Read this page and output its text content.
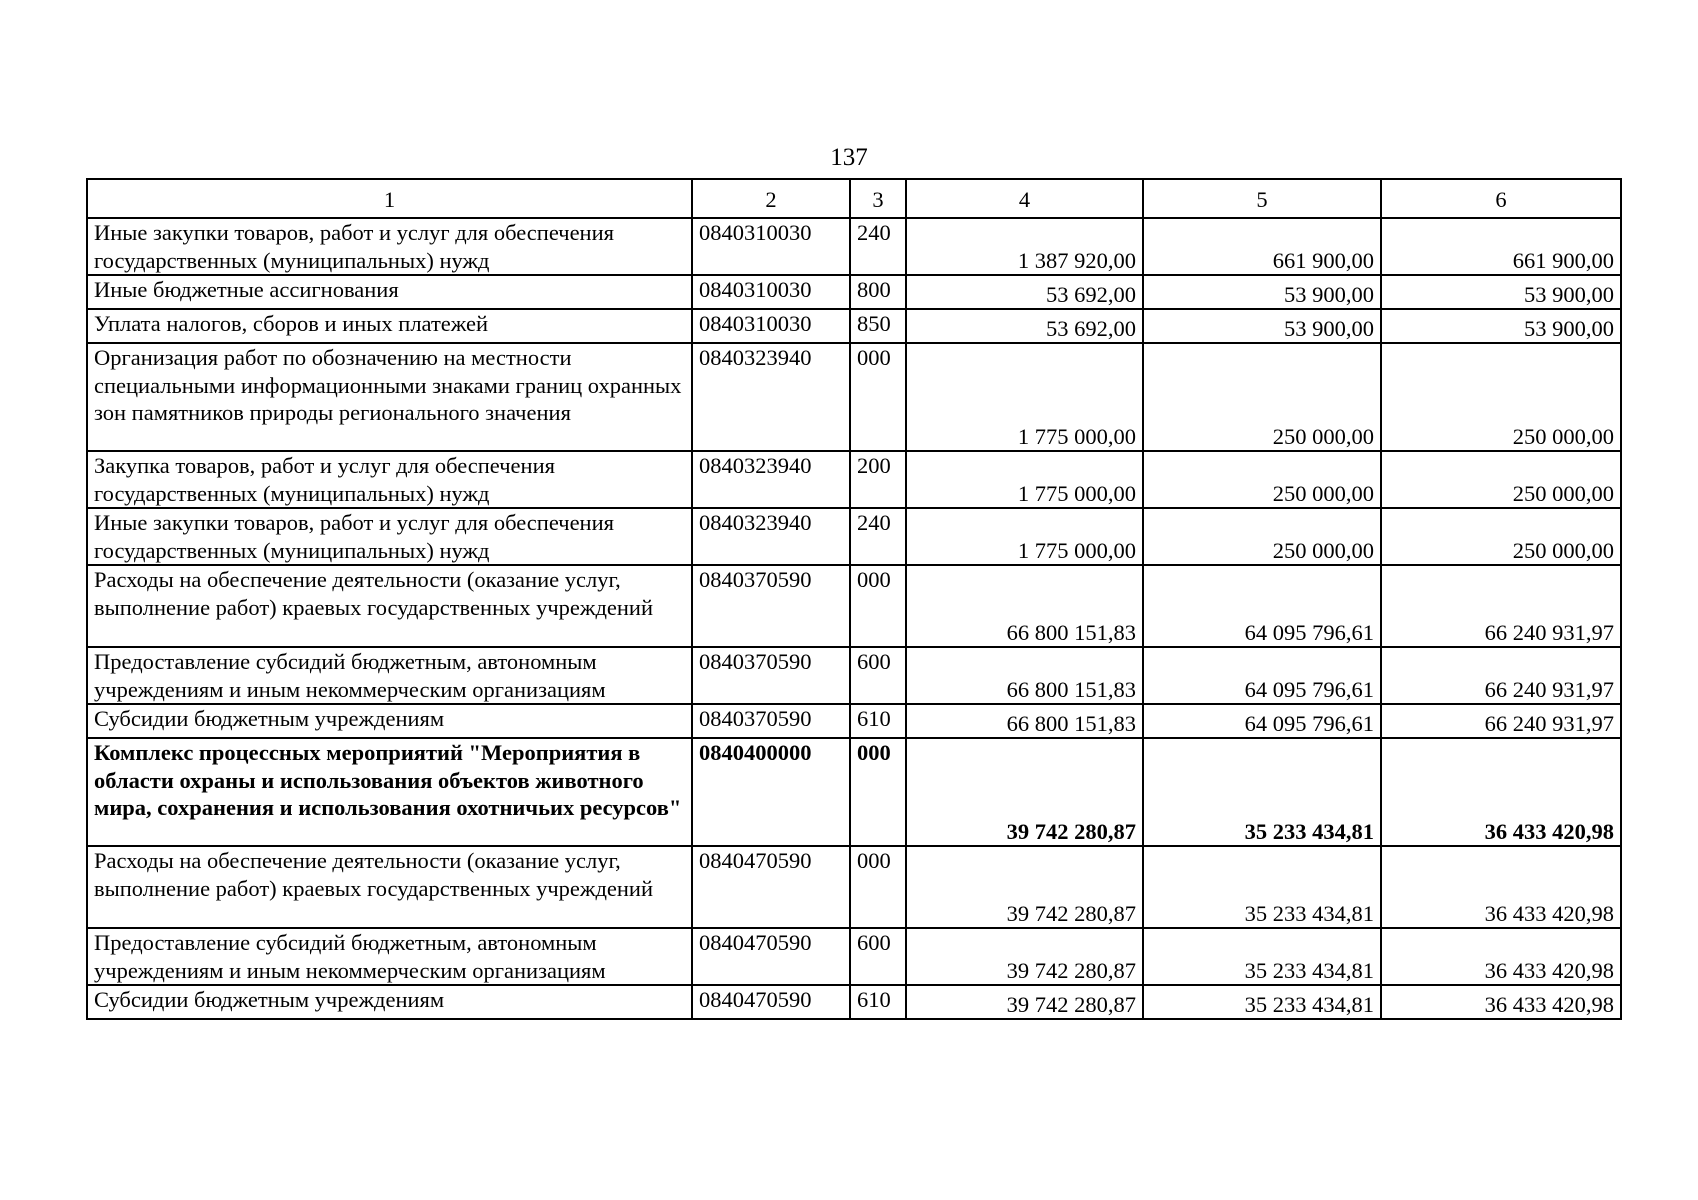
137
1	2	3	4	5	6
Иные закупки товаров, работ и услуг для обеспечения государственных (муниципальных) нужд	0840310030	240	1 387 920,00	661 900,00	661 900,00
Иные бюджетные ассигнования	0840310030	800	53 692,00	53 900,00	53 900,00
Уплата налогов, сборов и иных платежей	0840310030	850	53 692,00	53 900,00	53 900,00
Организация работ по обозначению на местности специальными информационными знаками границ охранных зон памятников природы регионального значения	0840323940	000	1 775 000,00	250 000,00	250 000,00
Закупка товаров, работ и услуг для обеспечения государственных (муниципальных) нужд	0840323940	200	1 775 000,00	250 000,00	250 000,00
Иные закупки товаров, работ и услуг для обеспечения государственных (муниципальных) нужд	0840323940	240	1 775 000,00	250 000,00	250 000,00
Расходы на обеспечение деятельности (оказание услуг, выполнение работ) краевых государственных учреждений	0840370590	000	66 800 151,83	64 095 796,61	66 240 931,97
Предоставление субсидий бюджетным, автономным учреждениям и иным некоммерческим организациям	0840370590	600	66 800 151,83	64 095 796,61	66 240 931,97
Субсидии бюджетным учреждениям	0840370590	610	66 800 151,83	64 095 796,61	66 240 931,97
Комплекс процессных мероприятий "Мероприятия в области охраны и использования объектов животного мира, сохранения и использования охотничьих ресурсов"	0840400000	000	39 742 280,87	35 233 434,81	36 433 420,98
Расходы на обеспечение деятельности (оказание услуг, выполнение работ) краевых государственных учреждений	0840470590	000	39 742 280,87	35 233 434,81	36 433 420,98
Предоставление субсидий бюджетным, автономным учреждениям и иным некоммерческим организациям	0840470590	600	39 742 280,87	35 233 434,81	36 433 420,98
Субсидии бюджетным учреждениям	0840470590	610	39 742 280,87	35 233 434,81	36 433 420,98
